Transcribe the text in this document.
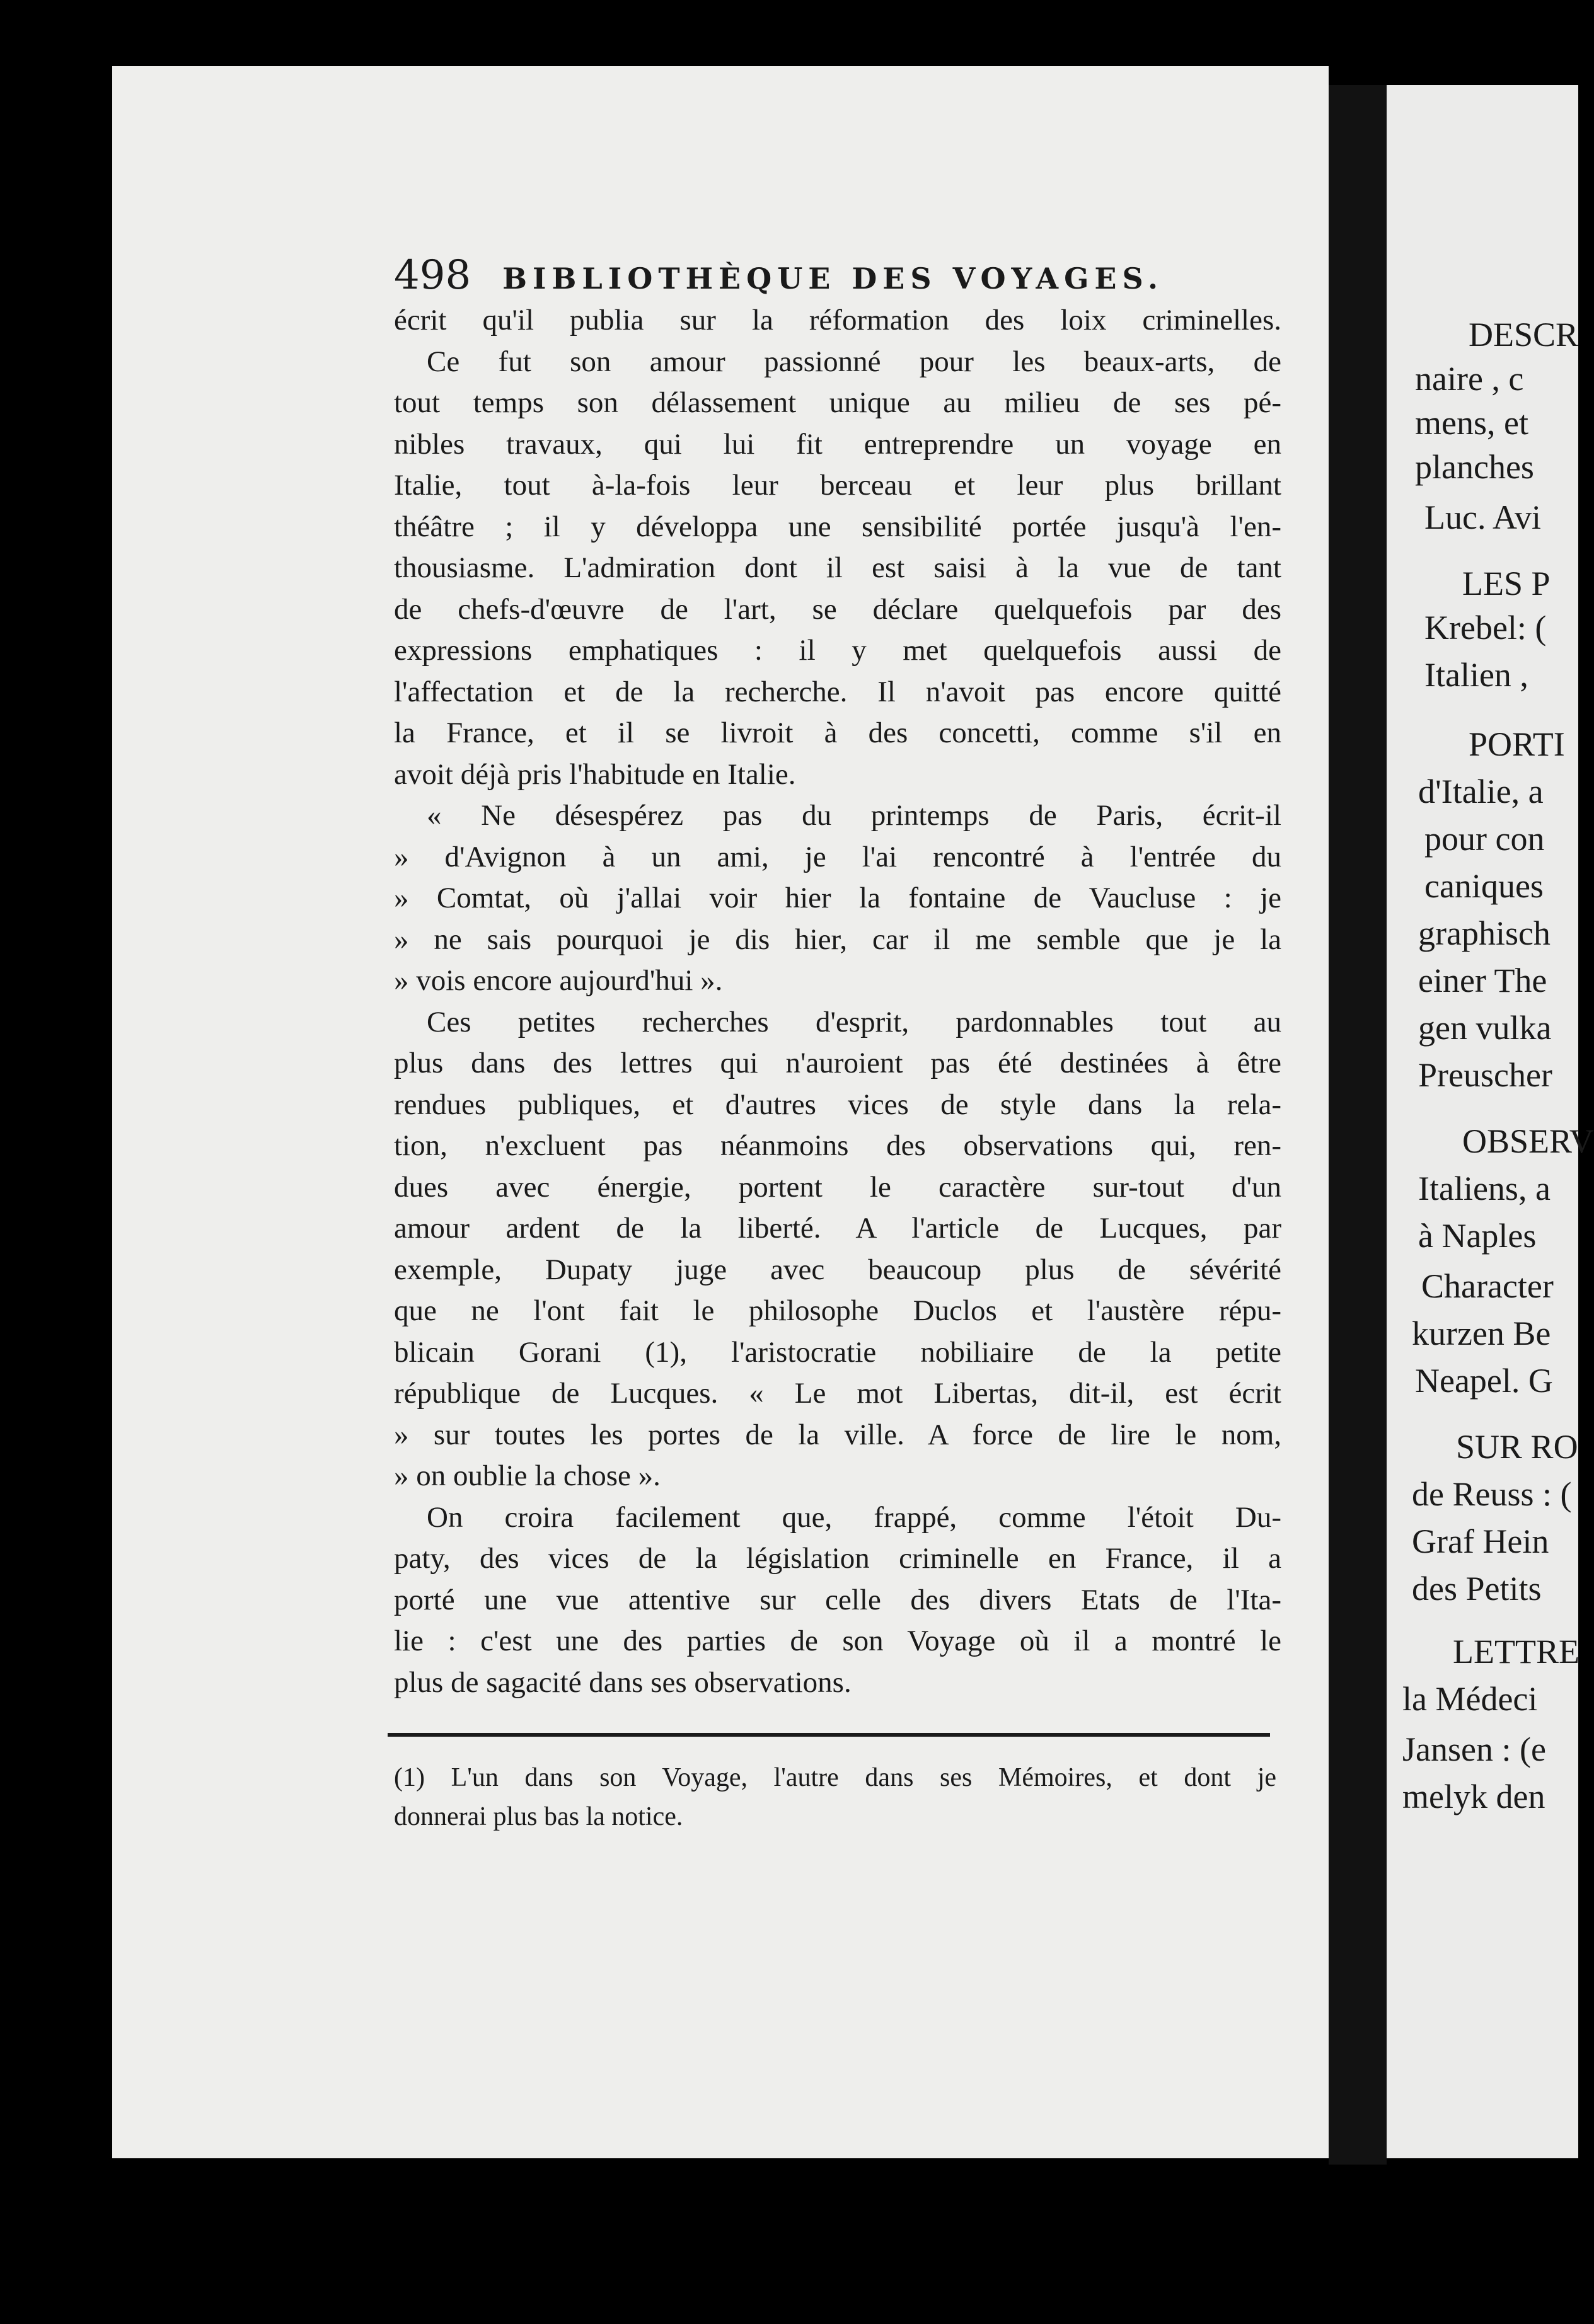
498 BIBLIOTHÈQUE DES VOYAGES.
écrit qu'il publia sur la réformation des loix criminelles.
Ce fut son amour passionné pour les beaux-arts, de
tout temps son délassement unique au milieu de ses pé-
nibles travaux, qui lui fit entreprendre un voyage en
Italie, tout à-la-fois leur berceau et leur plus brillant
théâtre ; il y développa une sensibilité portée jusqu'à l'en-
thousiasme. L'admiration dont il est saisi à la vue de tant
de chefs-d'œuvre de l'art, se déclare quelquefois par des
expressions emphatiques : il y met quelquefois aussi de
l'affectation et de la recherche. Il n'avoit pas encore quitté
la France, et il se livroit à des concetti, comme s'il en
avoit déjà pris l'habitude en Italie.
« Ne désespérez pas du printemps de Paris, écrit-il
» d'Avignon à un ami, je l'ai rencontré à l'entrée du
» Comtat, où j'allai voir hier la fontaine de Vaucluse : je
» ne sais pourquoi je dis hier, car il me semble que je la
» vois encore aujourd'hui ».
Ces petites recherches d'esprit, pardonnables tout au
plus dans des lettres qui n'auroient pas été destinées à être
rendues publiques, et d'autres vices de style dans la rela-
tion, n'excluent pas néanmoins des observations qui, ren-
dues avec énergie, portent le caractère sur-tout d'un
amour ardent de la liberté. A l'article de Lucques, par
exemple, Dupaty juge avec beaucoup plus de sévérité
que ne l'ont fait le philosophe Duclos et l'austère répu-
blicain Gorani (1), l'aristocratie nobiliaire de la petite
république de Lucques. « Le mot Libertas, dit-il, est écrit
» sur toutes les portes de la ville. A force de lire le nom,
» on oublie la chose ».
On croira facilement que, frappé, comme l'étoit Du-
paty, des vices de la législation criminelle en France, il a
porté une vue attentive sur celle des divers Etats de l'Ita-
lie : c'est une des parties de son Voyage où il a montré le
plus de sagacité dans ses observations.
(1) L'un dans son Voyage, l'autre dans ses Mémoires, et dont je
donnerai plus bas la notice.
DESCR
naire , c
mens, et
planches
Luc. Avi
LES P
Krebel: (
Italien ,
PORTI
d'Italie, a
pour con
caniques
graphisch
einer The
gen vulka
Preuscher
OBSERV
Italiens, a
à Naples
Character
kurzen Be
Neapel. G
SUR RO
de Reuss : (
Graf Hein
des Petits
LETTRE
la Médeci
Jansen : (e
melyk den
